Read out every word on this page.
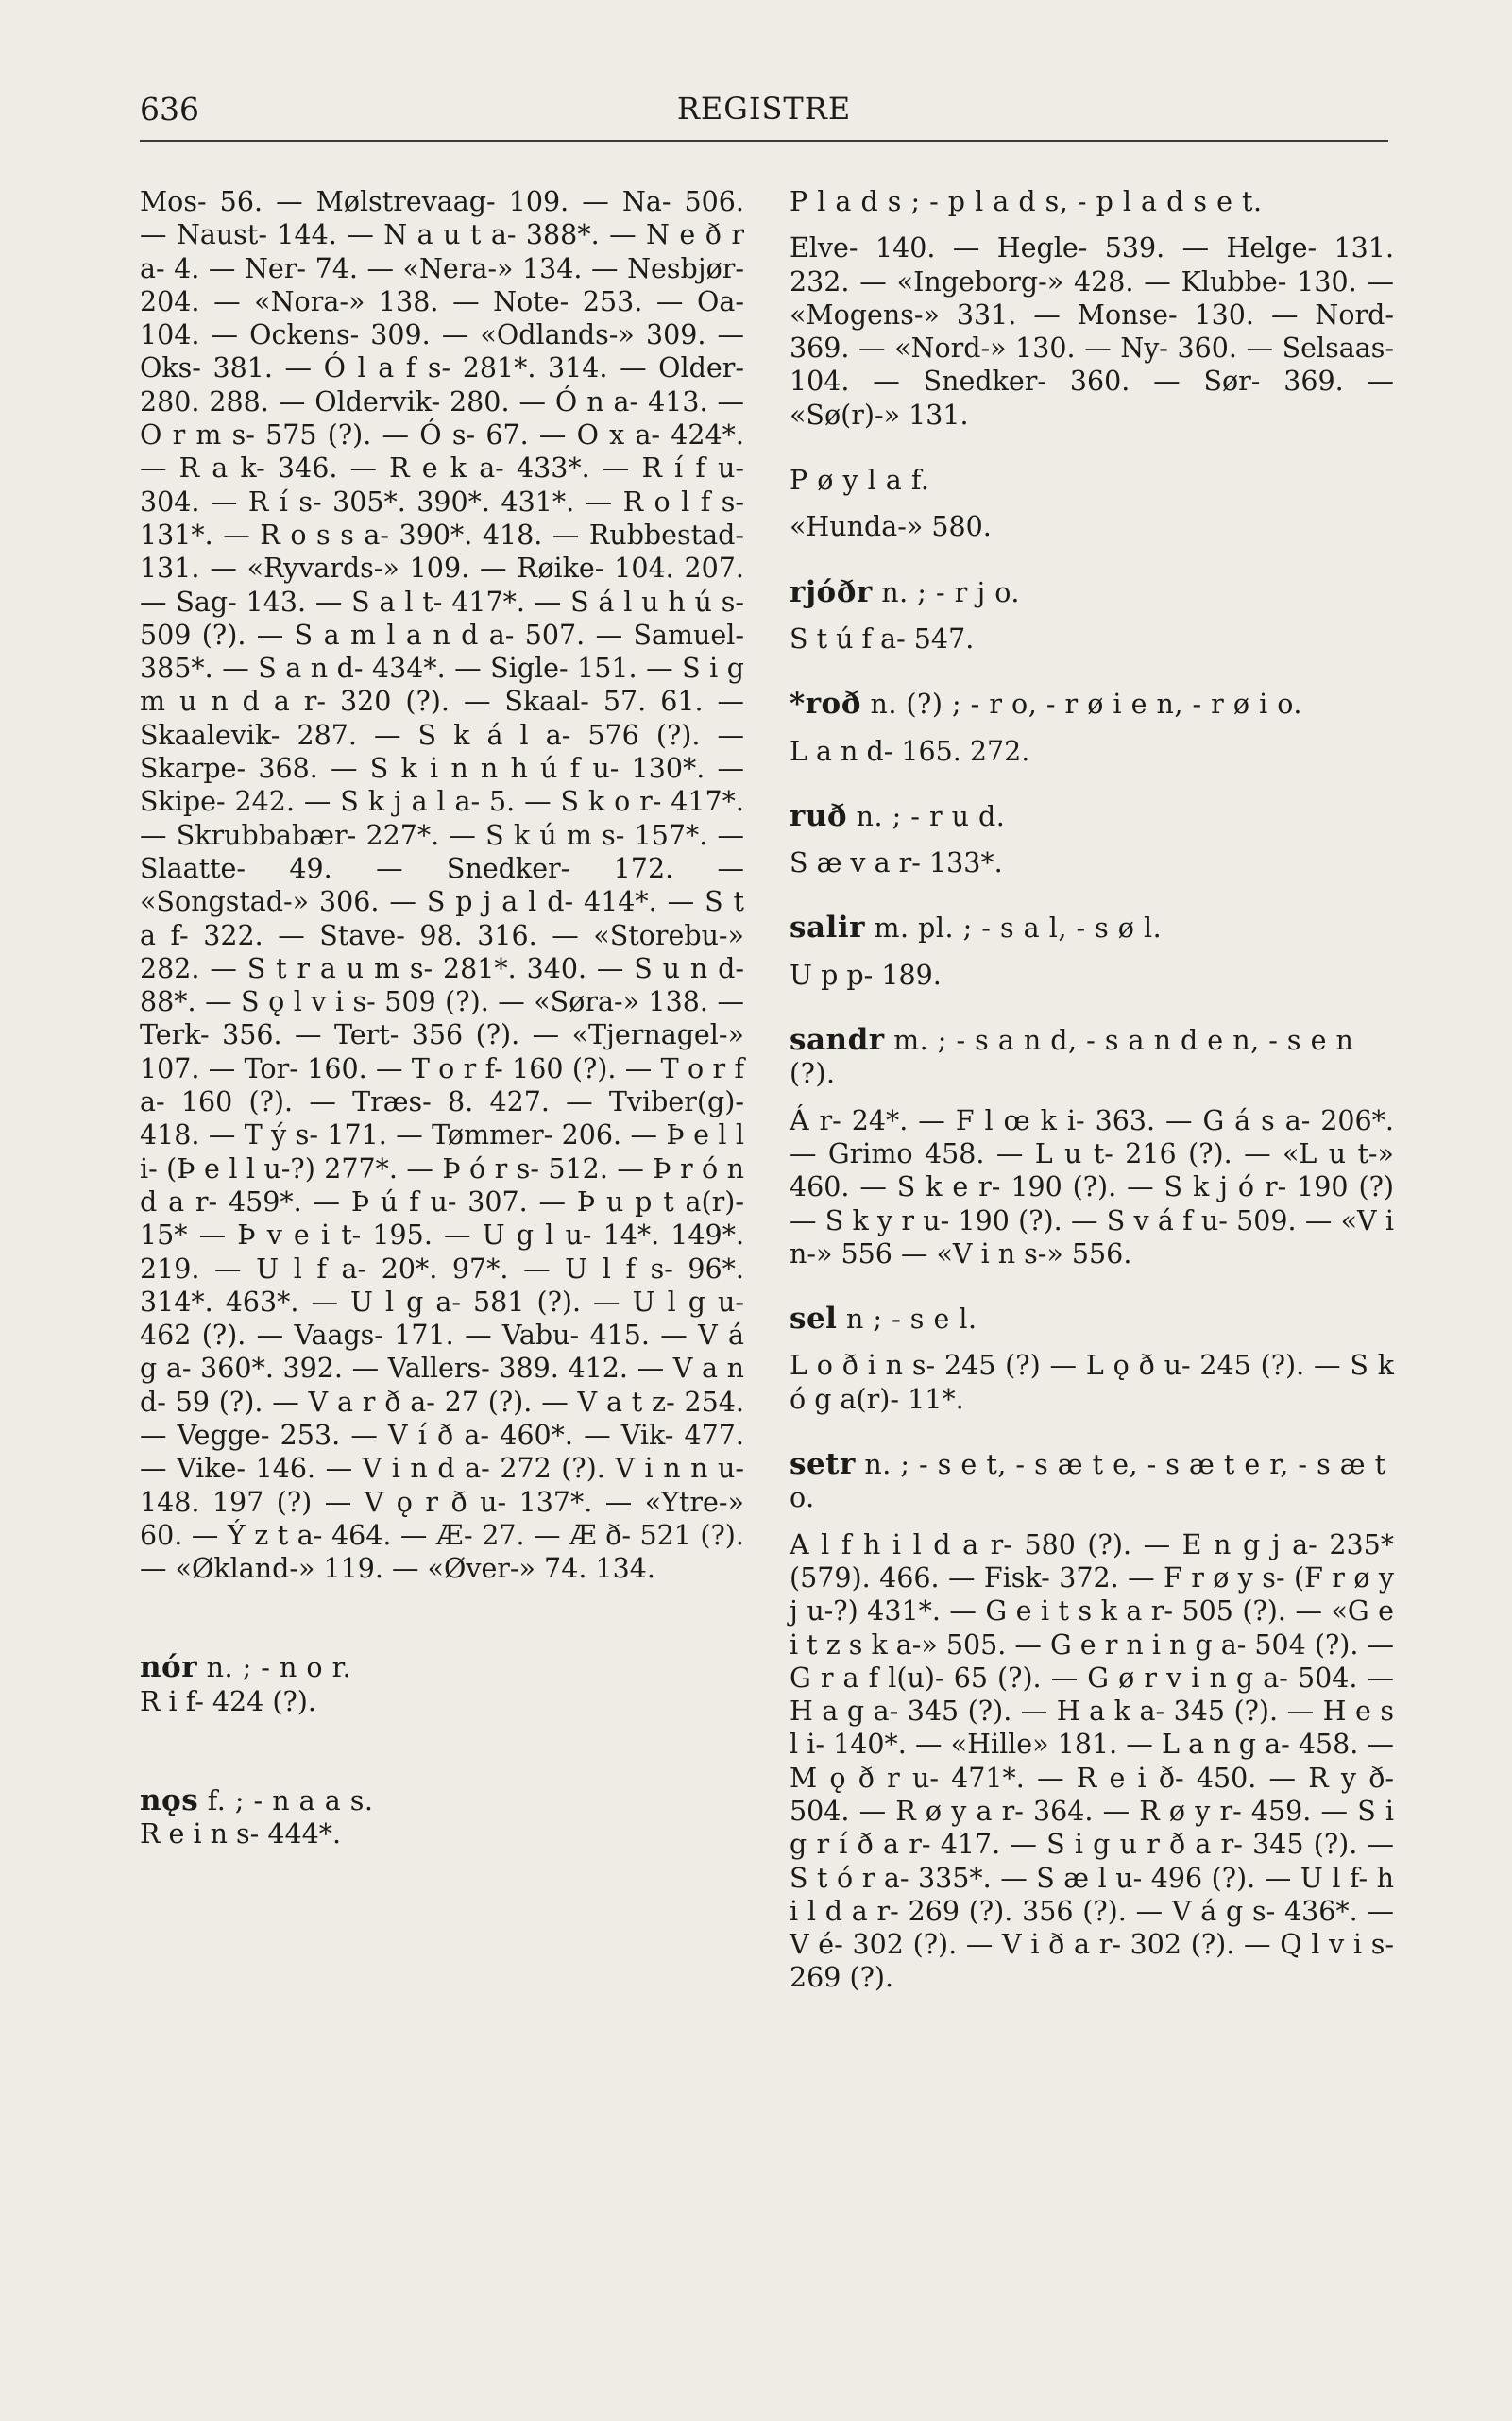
636	REGISTRE

Mos- 56. — Mølstrevaag- 109. — Na- 506. — Naust- 144. — N a u t a- 388*. — N e ð r a- 4. — Ner- 74. — «Nera-» 134. — Nesbjør- 204. — «Nora-» 138. — Note- 253. — Oa- 104. — Ockens- 309. — «Odlands-» 309. — Oks- 381. — Ó l a f s- 281*. 314. — Older- 280. 288. — Oldervik- 280. — Ó n a- 413. — O r m s- 575 (?). — Ó s- 67. — O x a- 424*. — R a k- 346. — R e k a- 433*. — R í f u- 304. — R í s- 305*. 390*. 431*. — R o l f s- 131*. — R o s s a- 390*. 418. — Rubbestad- 131. — «Ryvards-» 109. — Røike- 104. 207. — Sag- 143. — S a l t- 417*. — S á l u h ú s- 509 (?). — S a m l a n d a- 507. — Samuel- 385*. — S a n d- 434*. — Sigle- 151. — S i g m u n d a r- 320 (?). — Skaal- 57. 61. — Skaalevik- 287. — S k á l a- 576 (?). — Skarpe- 368. — S k i n n h ú f u- 130*. — Skipe- 242. — S k j a l a- 5. — S k o r- 417*. — Skrubbabær- 227*. — S k ú m s- 157*. — Slaatte- 49. — Snedker- 172. — «Songstad-» 306. — S p j a l d- 414*. — S t a f- 322. — Stave- 98. 316. — «Storebu-» 282. — S t r a u m s- 281*. 340. — S u n d- 88*. — S ǫ l v i s- 509 (?). — «Søra-» 138. — Terk- 356. — Tert- 356 (?). — «Tjernagel-» 107. — Tor- 160. — T o r f- 160 (?). — T o r f a- 160 (?). — Træs- 8. 427. — Tviber(g)- 418. — T ý s- 171. — Tømmer- 206. — Þ e l l i- (Þ e l l u-?) 277*. — Þ ó r s- 512. — Þ r ó n d a r- 459*. — Þ ú f u- 307. — Þ u p t a(r)- 15* — Þ v e i t- 195. — U g l u- 14*. 149*. 219. — U l f a- 20*. 97*. — U l f s- 96*. 314*. 463*. — U l g a- 581 (?). — U l g u- 462 (?). — Vaags- 171. — Vabu- 415. — V á g a- 360*. 392. — Vallers- 389. 412. — V a n d- 59 (?). — V a r ð a- 27 (?). — V a t z- 254. — Vegge- 253. — V í ð a- 460*. — Vik- 477. — Vike- 146. — V i n d a- 272 (?). V i n n u- 148. 197 (?) — V ǫ r ð u- 137*. — «Ytre-» 60. — Ý z t a- 464. — Æ- 27. — Æ ð- 521 (?). — «Økland-» 119. — «Øver-» 74. 134.

nór n. ; - n o r.

R i f- 424 (?).

nǫs f. ; - n a a s.

R e i n s- 444*.

P l a d s ; - p l a d s, - p l a d s e t.

Elve- 140. — Hegle- 539. — Helge- 131. 232. — «Ingeborg-» 428. — Klubbe- 130. — «Mogens-» 331. — Monse- 130. — Nord- 369. — «Nord-» 130. — Ny- 360. — Selsaas- 104. — Snedker- 360. — Sør- 369. — «Sø(r)-» 131.

P ø y l a f.

«Hunda-» 580.

rjóðr n. ; - r j o.

S t ú f a- 547.

*roð n. (?) ; - r o, - r ø i e n, - r ø i o.

L a n d- 165. 272.

ruð n. ; - r u d.

S æ v a r- 133*.

salir m. pl. ; - s a l, - s ø l.

U p p- 189.

sandr m. ; - s a n d, - s a n d e n, - s e n (?).

Á r- 24*. — F l œ k i- 363. — G á s a- 206*. — Grimo 458. — L u t- 216 (?). — «L u t-» 460. — S k e r- 190 (?). — S k j ó r- 190 (?) — S k y r u- 190 (?). — S v á f u- 509. — «V i n-» 556 — «V i n s-» 556.

sel n ; - s e l.

L o ð i n s- 245 (?) — L ǫ ð u- 245 (?). — S k ó g a(r)- 11*.

setr n. ; - s e t, - s æ t e, - s æ t e r, - s æ t o.

A l f h i l d a r- 580 (?). — E n g j a- 235* (579). 466. — Fisk- 372. — F r ø y s- (F r ø y j u-?) 431*. — G e i t s k a r- 505 (?). — «G e i t z s k a-» 505. — G e r n i n g a- 504 (?). — G r a f l(u)- 65 (?). — G ø r v i n g a- 504. — H a g a- 345 (?). — H a k a- 345 (?). — H e s l i- 140*. — «Hille» 181. — L a n g a- 458. — M ǫ ð r u- 471*. — R e i ð- 450. — R y ð- 504. — R ø y a r- 364. — R ø y r- 459. — S i g r í ð a r- 417. — S i g u r ð a r- 345 (?). — S t ó r a- 335*. — S æ l u- 496 (?). — U l f- h i l d a r- 269 (?). 356 (?). — V á g s- 436*. — V é- 302 (?). — V i ð a r- 302 (?). — Q l v i s- 269 (?).
